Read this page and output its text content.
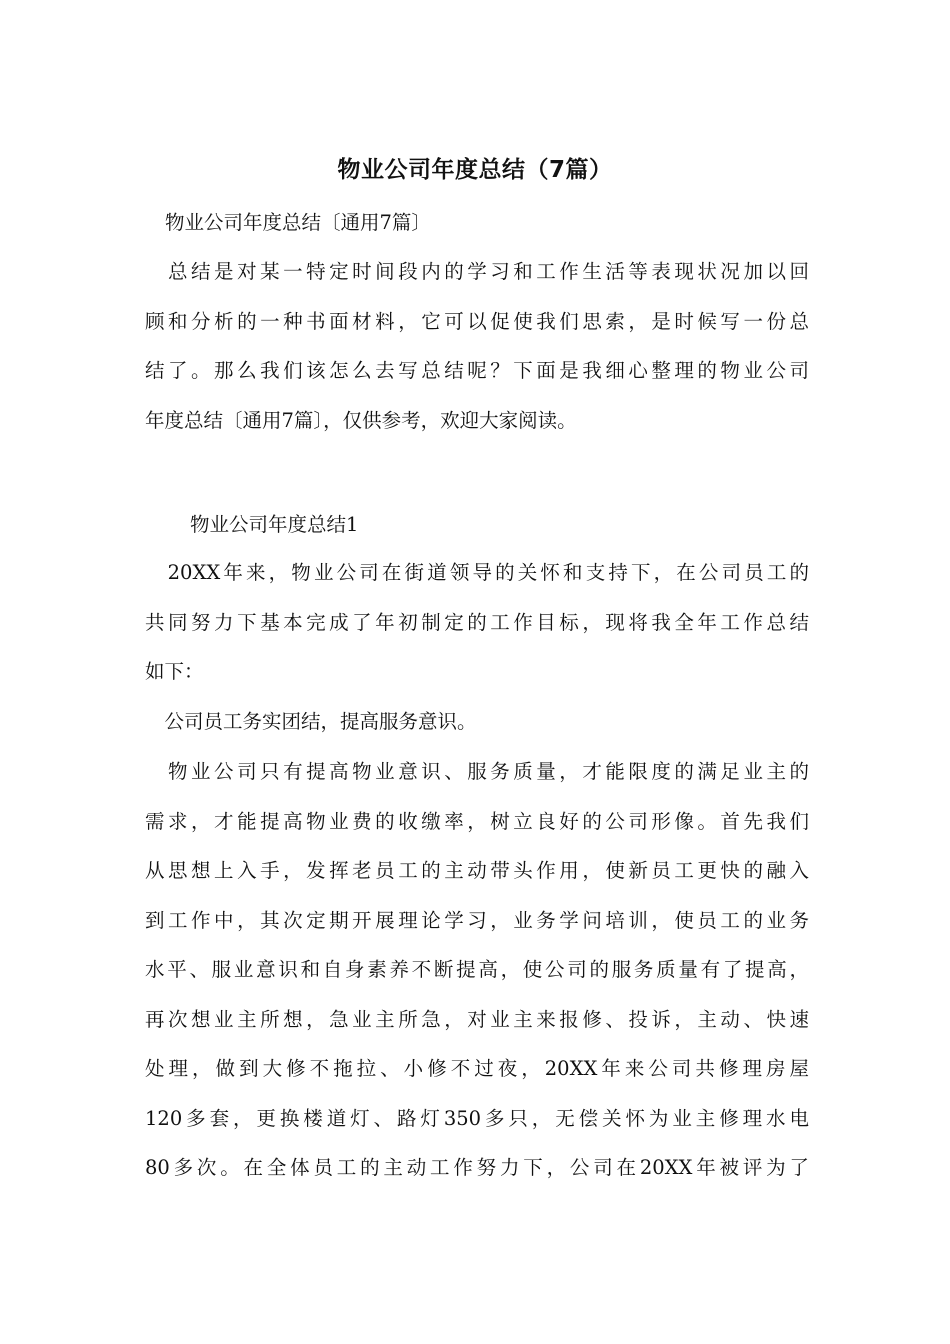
物业公司年度总结（7篇）
物业公司年度总结〔通用7篇〕
　总结是对某一特定时间段内的学习和工作生活等表现状况加以回
顾和分析的一种书面材料，它可以促使我们思索，是时候写一份总
结了。那么我们该怎么去写总结呢？下面是我细心整理的物业公司
年度总结〔通用7篇〕，仅供参考，欢迎大家阅读。
物业公司年度总结1
　20XX年来，物业公司在街道领导的关怀和支持下，在公司员工的
共同努力下基本完成了年初制定的工作目标，现将我全年工作总结
如下：
　公司员工务实团结，提高服务意识。
　物业公司只有提高物业意识、服务质量，才能限度的满足业主的
需求，才能提高物业费的收缴率，树立良好的公司形像。首先我们
从思想上入手，发挥老员工的主动带头作用，使新员工更快的融入
到工作中，其次定期开展理论学习，业务学问培训，使员工的业务
水平、服业意识和自身素养不断提高，使公司的服务质量有了提高，
再次想业主所想，急业主所急，对业主来报修、投诉，主动、快速
处理，做到大修不拖拉、小修不过夜，20XX年来公司共修理房屋
120多套，更换楼道灯、路灯350多只，无偿关怀为业主修理水电
80多次。在全体员工的主动工作努力下，公司在20XX年被评为了
